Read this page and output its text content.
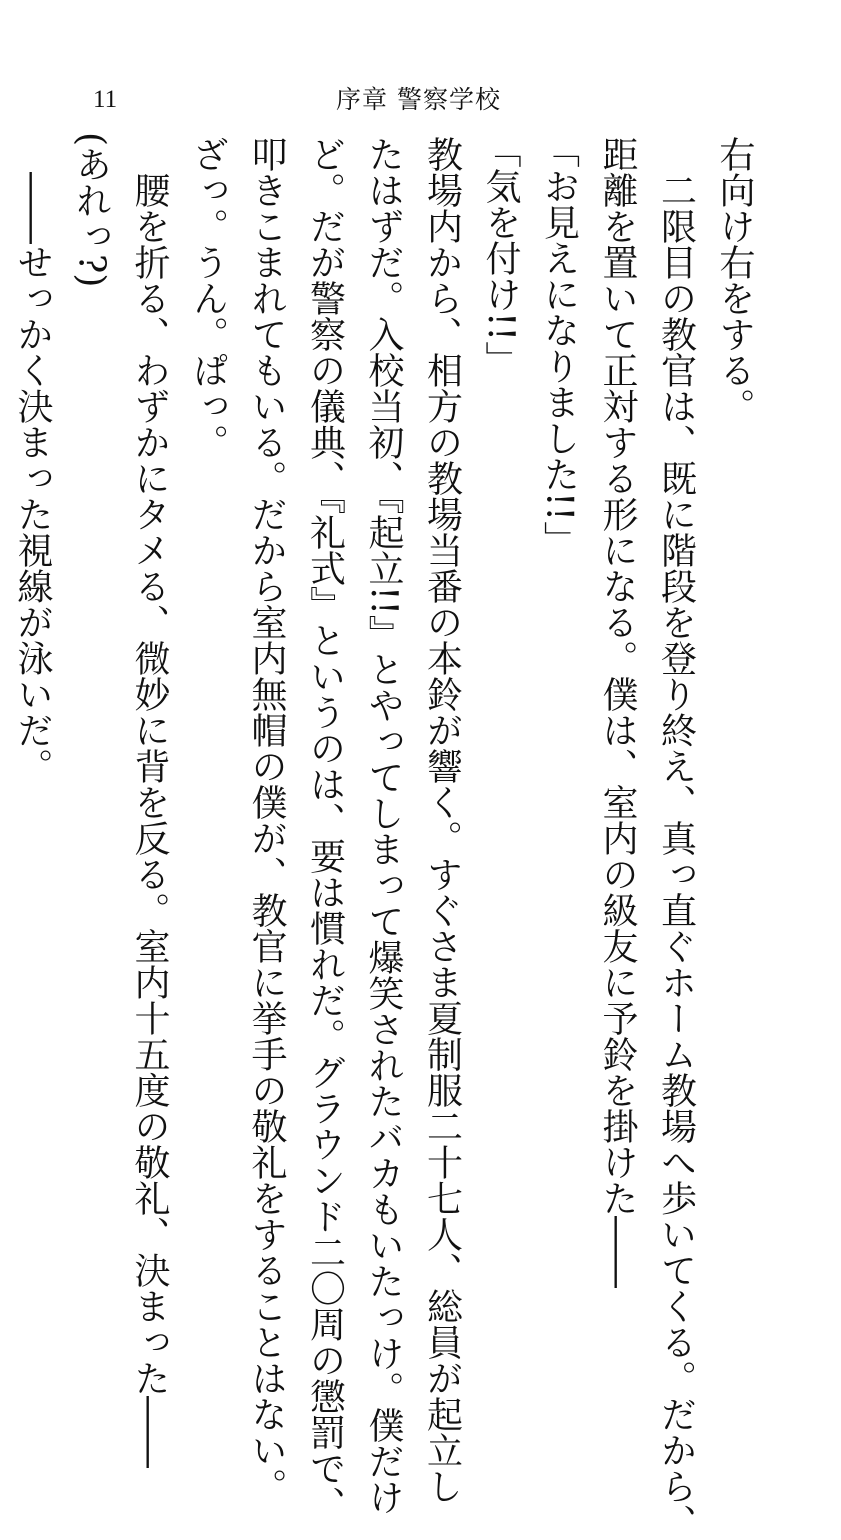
11	序章 警察学校
右向け右をする。
二限目の教官は、既に階段を登り終え、真っ直ぐホーム教場へ歩いてくる。だから、
距離を置いて正対する形になる。僕は、室内の級友に予鈴を掛けた――
「お見えになりました!!」
「気を付け!!」
教場内から、相方の教場当番の本鈴が響く。すぐさま夏制服二十七人、総員が起立し
たはずだ。入校当初、『起立!!』とやってしまって爆笑されたバカもいたっけ。僕だけ
ど。だが警察の儀典、『礼式』というのは、要は慣れだ。グラウンド二〇周の懲罰で、
叩きこまれてもいる。だから室内無帽の僕が、教官に挙手の敬礼をすることはない。
ざっ。うん。ぱっ。
腰を折る、わずかにタメる、微妙に背を反る。室内十五度の敬礼、決まった――
(あれっ?)
――せっかく決まった視線が泳いだ。
